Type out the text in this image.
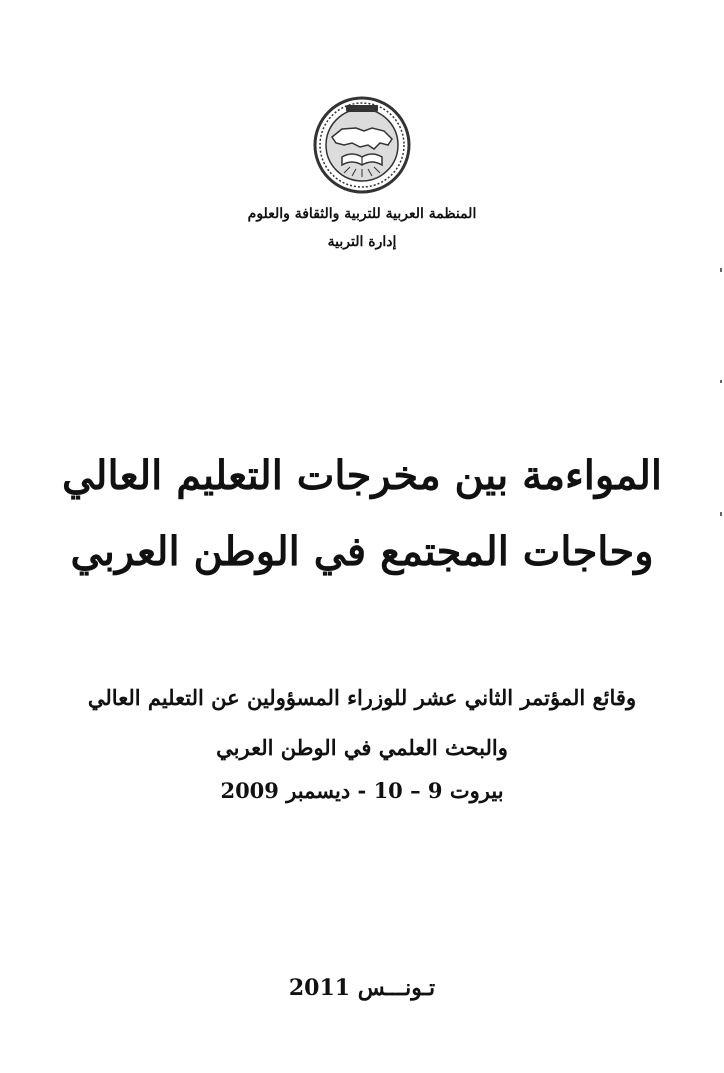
المنظمة العربية للتربية والثقافة والعلوم
إدارة التربية
المواءمة بين مخرجات التعليم العالي
وحاجات المجتمع في الوطن العربي
وقائع المؤتمر الثاني عشر للوزراء المسؤولين عن التعليم العالي
والبحث العلمي في الوطن العربي
بيروت 9 – 10 - ديسمبر 2009
تـونـــس 2011
